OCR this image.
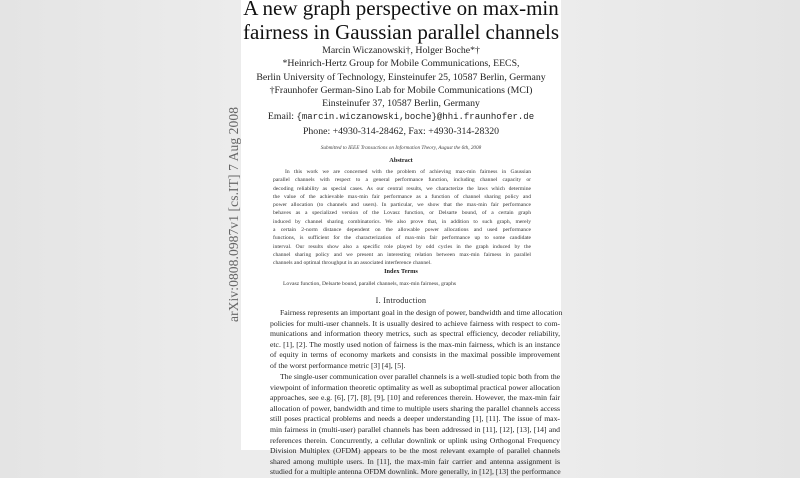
arXiv:0808.0987v1 [cs.IT] 7 Aug 2008
A new graph perspective on max-min
fairness in Gaussian parallel channels
Marcin Wiczanowski†, Holger Boche*†
*Heinrich-Hertz Group for Mobile Communications, EECS,
Berlin University of Technology, Einsteinufer 25, 10587 Berlin, Germany
†Fraunhofer German-Sino Lab for Mobile Communications (MCI)
Einsteinufer 37, 10587 Berlin, Germany
Email: {marcin.wiczanowski,boche}@hhi.fraunhofer.de
Phone: +4930-314-28462, Fax: +4930-314-28320
Submitted to IEEE Transactions on Information Theory, August the 6th, 2008
Abstract
In this work we are concerned with the problem of achieving max-min fairness in Gaussian
parallel channels with respect to a general performance function, including channel capacity or
decoding reliability as special cases. As our central results, we characterize the laws which determine
the value of the achievable max-min fair performance as a function of channel sharing policy and
power allocation (to channels and users). In particular, we show that the max-min fair performance
behaves as a specialized version of the Lovasz function, or Delsarte bound, of a certain graph
induced by channel sharing combinatorics. We also prove that, in addition to such graph, merely
a certain 2-norm distance dependent on the allowable power allocations and used performance
functions, is sufficient for the characterization of max-min fair performance up to some candidate
interval. Our results show also a specific role played by odd cycles in the graph induced by the
channel sharing policy and we present an interesting relation between max-min fairness in parallel
channels and optimal throughput in an associated interference channel.
Index Terms
Lovasz function, Delsarte bound, parallel channels, max-min fairness, graphs
I. Introduction
Fairness represents an important goal in the design of power, bandwidth and time allocation
policies for multi-user channels. It is usually desired to achieve fairness with respect to com-
munications and information theory metrics, such as spectral efficiency, decoder reliability,
etc. [1], [2]. The mostly used notion of fairness is the max-min fairness, which is an instance
of equity in terms of economy markets and consists in the maximal possible improvement
of the worst performance metric [3] [4], [5].
The single-user communication over parallel channels is a well-studied topic both from the
viewpoint of information theoretic optimality as well as suboptimal practical power allocation
approaches, see e.g. [6], [7], [8], [9], [10] and references therein. However, the max-min fair
allocation of power, bandwidth and time to multiple users sharing the parallel channels access
still poses practical problems and needs a deeper understanding [1], [11]. The issue of max-
min fairness in (multi-user) parallel channels has been addressed in [11], [12], [13], [14] and
references therein. Concurrently, a cellular downlink or uplink using Orthogonal Frequency
Division Multiplex (OFDM) appears to be the most relevant example of parallel channels
shared among multiple users. In [11], the max-min fair carrier and antenna assignment is
studied for a multiple antenna OFDM downlink. More generally, in [12], [13] the performance
